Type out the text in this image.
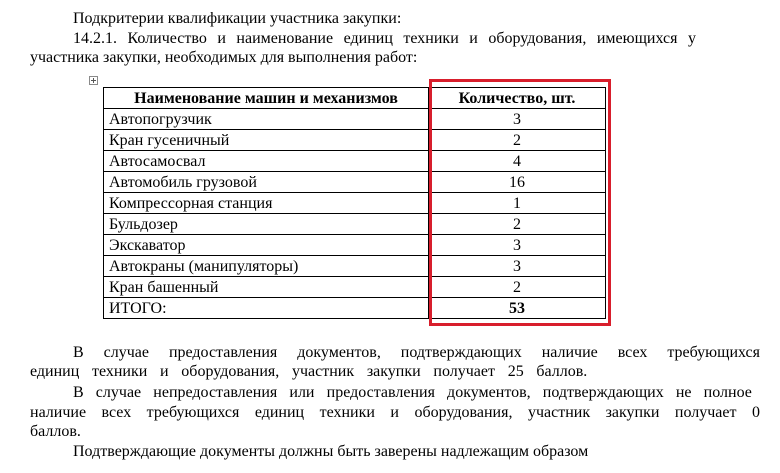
Подкритерии квалификации участника закупки:
14.2.1. Количество и наименование единиц техники и оборудования, имеющихся у
участника закупки, необходимых для выполнения работ:
Наименование машин и механизмов	Количество, шт.
Автопогрузчик	3
Кран гусеничный	2
Автосамосвал	4
Автомобиль грузовой	16
Компрессорная станция	1
Бульдозер	2
Экскаватор	3
Автокраны (манипуляторы)	3
Кран башенный	2
ИТОГО:	53
В случае предоставления документов, подтверждающих наличие всех требующихся
единиц техники и оборудования, участник закупки получает 25 баллов.
В случае непредоставления или предоставления документов, подтверждающих не полное
наличие всех требующихся единиц техники и оборудования, участник закупки получает 0
баллов.
Подтверждающие документы должны быть заверены надлежащим образом
